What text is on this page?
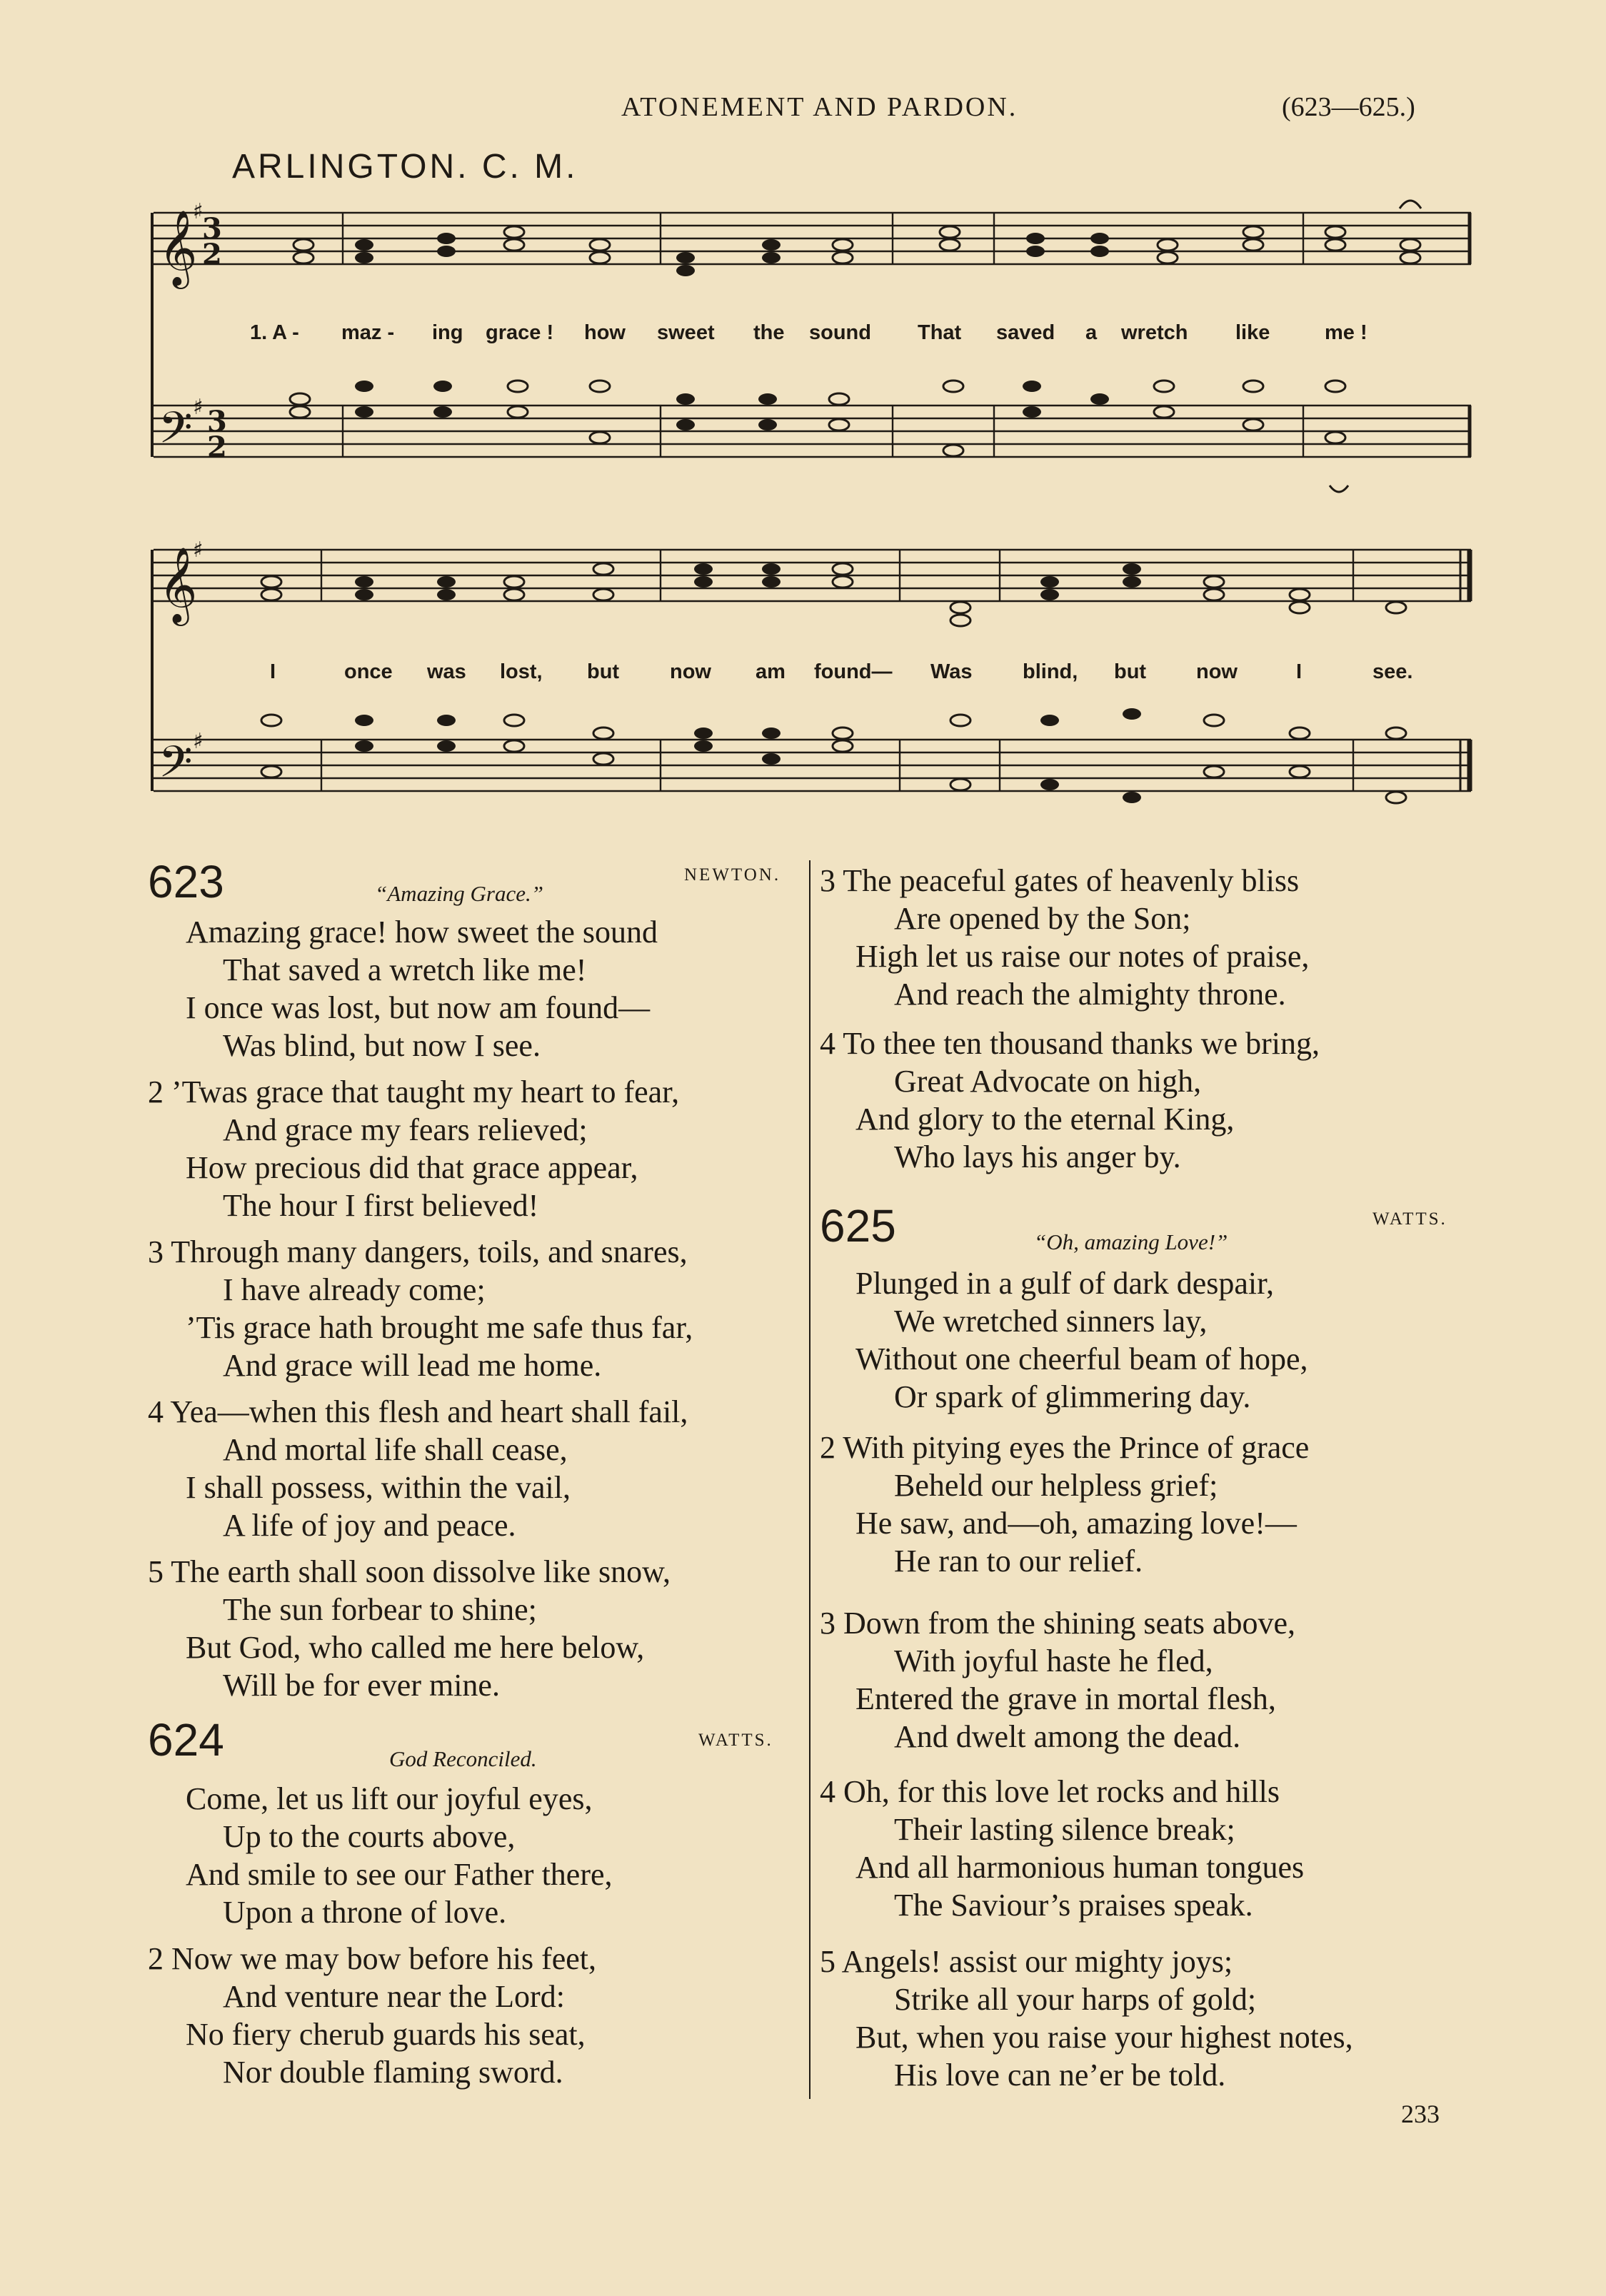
ATONEMENT AND PARDON.	(623—625.)
ARLINGTON. C. M.
𝄞 3
2
𝄢 3
2
𝄞
𝄢
♯
♯
♯
♯
1. A - maz - ing grace ! how sweet the sound That saved a wretch like	me !
I	once was lost, but now am found— Was blind, but now	I	see.
623	NEWTON.
“Amazing Grace.”
Amazing grace! how sweet the sound
That saved a wretch like me!
I once was lost, but now am found—
Was blind, but now I see.
2 ’Twas grace that taught my heart to fear,
And grace my fears relieved;
How precious did that grace appear,
The hour I first believed!
3 Through many dangers, toils, and snares,
I have already come;
’Tis grace hath brought me safe thus far,
And grace will lead me home.
4 Yea—when this flesh and heart shall fail,
And mortal life shall cease,
I shall possess, within the vail,
A life of joy and peace.
5 The earth shall soon dissolve like snow,
The sun forbear to shine;
But God, who called me here below,
Will be for ever mine.
624	WATTS.
God Reconciled.
Come, let us lift our joyful eyes,
Up to the courts above,
And smile to see our Father there,
Upon a throne of love.
2 Now we may bow before his feet,
And venture near the Lord:
No fiery cherub guards his seat,
Nor double flaming sword.
3 The peaceful gates of heavenly bliss
Are opened by the Son;
High let us raise our notes of praise,
And reach the almighty throne.
4 To thee ten thousand thanks we bring,
Great Advocate on high,
And glory to the eternal King,
Who lays his anger by.
625	WATTS.
“Oh, amazing Love!”
Plunged in a gulf of dark despair,
We wretched sinners lay,
Without one cheerful beam of hope,
Or spark of glimmering day.
2 With pitying eyes the Prince of grace
Beheld our helpless grief;
He saw, and—oh, amazing love!—
He ran to our relief.
3 Down from the shining seats above,
With joyful haste he fled,
Entered the grave in mortal flesh,
And dwelt among the dead.
4 Oh, for this love let rocks and hills
Their lasting silence break;
And all harmonious human tongues
The Saviour’s praises speak.
5 Angels! assist our mighty joys;
Strike all your harps of gold;
But, when you raise your highest notes,
His love can ne’er be told.
233
